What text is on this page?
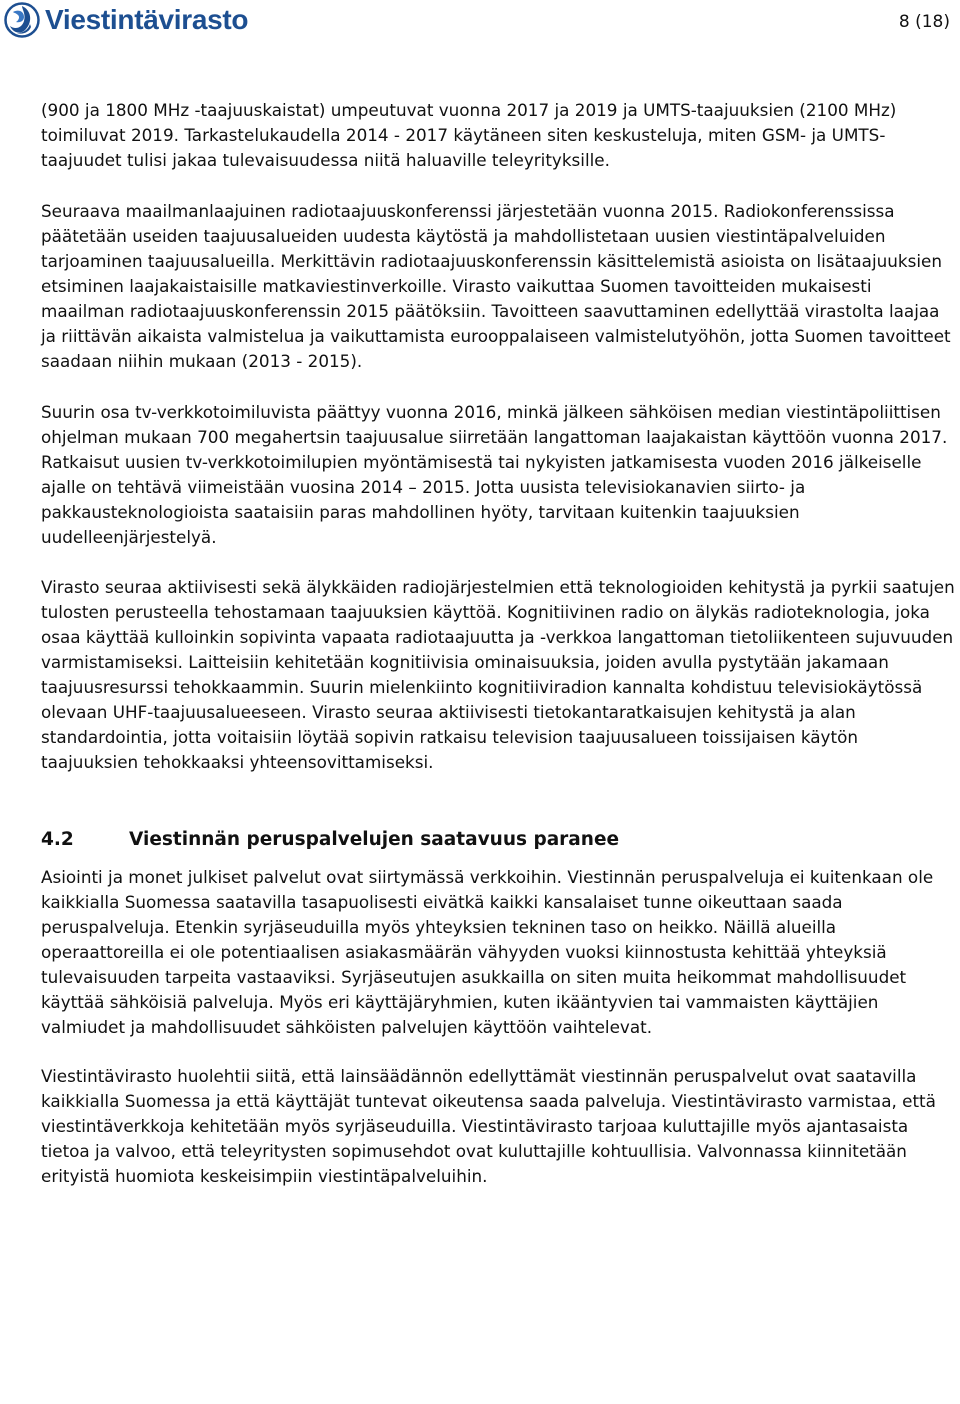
Viestintävirasto	8 (18)

(900 ja 1800 MHz -taajuuskaistat) umpeutuvat vuonna 2017 ja 2019 ja UMTS-taajuuksien (2100 MHz) toimiluvat 2019. Tarkastelukaudella 2014 - 2017 käytäneen siten keskusteluja, miten GSM- ja UMTS-taajuudet tulisi jakaa tulevaisuudessa niitä haluaville teleyrityksille.

Seuraava maailmanlaajuinen radiotaajuuskonferenssi järjestetään vuonna 2015. Radiokonferenssissa päätetään useiden taajuusalueiden uudesta käytöstä ja mahdollistetaan uusien viestintäpalveluiden tarjoaminen taajuusalueilla. Merkittävin radiotaajuuskonferenssin käsittelemistä asioista on lisätaajuuksien etsiminen laajakaistaisille matkaviestinverkoille. Virasto vaikuttaa Suomen tavoitteiden mukaisesti maailman radiotaajuuskonferenssin 2015 päätöksiin. Tavoitteen saavuttaminen edellyttää virastolta laajaa ja riittävän aikaista valmistelua ja vaikuttamista eurooppalaiseen valmistelutyöhön, jotta Suomen tavoitteet saadaan niihin mukaan (2013 - 2015).

Suurin osa tv-verkkotoimiluvista päättyy vuonna 2016, minkä jälkeen sähköisen median viestintäpoliittisen ohjelman mukaan 700 megahertsin taajuusalue siirretään langattoman laajakaistan käyttöön vuonna 2017. Ratkaisut uusien tv-verkkotoimilupien myöntämisestä tai nykyisten jatkamisesta vuoden 2016 jälkeiselle ajalle on tehtävä viimeistään vuosina 2014 – 2015. Jotta uusista televisiokanavien siirto- ja pakkausteknologioista saataisiin paras mahdollinen hyöty, tarvitaan kuitenkin taajuuksien uudelleenjärjestelyä.

Virasto seuraa aktiivisesti sekä älykkäiden radiojärjestelmien että teknologioiden kehitystä ja pyrkii saatujen tulosten perusteella tehostamaan taajuuksien käyttöä. Kognitiivinen radio on älykäs radioteknologia, joka osaa käyttää kulloinkin sopivinta vapaata radiotaajuutta ja -verkkoa langattoman tietoliikenteen sujuvuuden varmistamiseksi. Laitteisiin kehitetään kognitiivisia ominaisuuksia, joiden avulla pystytään jakamaan taajuusresurssi tehokkaammin. Suurin mielenkiinto kognitiiviradion kannalta kohdistuu televisiokäytössä olevaan UHF-taajuusalueeseen. Virasto seuraa aktiivisesti tietokantaratkaisujen kehitystä ja alan standardointia, jotta voitaisiin löytää sopivin ratkaisu television taajuusalueen toissijaisen käytön taajuuksien tehokkaaksi yhteensovittamiseksi.

4.2	Viestinnän peruspalvelujen saatavuus paranee

Asiointi ja monet julkiset palvelut ovat siirtymässä verkkoihin. Viestinnän peruspalveluja ei kuitenkaan ole kaikkialla Suomessa saatavilla tasapuolisesti eivätkä kaikki kansalaiset tunne oikeuttaan saada peruspalveluja. Etenkin syrjäseuduilla myös yhteyksien tekninen taso on heikko. Näillä alueilla operaattoreilla ei ole potentiaalisen asiakasmäärän vähyyden vuoksi kiinnostusta kehittää yhteyksiä tulevaisuuden tarpeita vastaaviksi. Syrjäseutujen asukkailla on siten muita heikommat mahdollisuudet käyttää sähköisiä palveluja. Myös eri käyttäjäryhmien, kuten ikääntyvien tai vammaisten käyttäjien valmiudet ja mahdollisuudet sähköisten palvelujen käyttöön vaihtelevat.

Viestintävirasto huolehtii siitä, että lainsäädännön edellyttämät viestinnän peruspalvelut ovat saatavilla kaikkialla Suomessa ja että käyttäjät tuntevat oikeutensa saada palveluja. Viestintävirasto varmistaa, että viestintäverkkoja kehitetään myös syrjäseuduilla. Viestintävirasto tarjoaa kuluttajille myös ajantasaista tietoa ja valvoo, että teleyritysten sopimusehdot ovat kuluttajille kohtuullisia. Valvonnassa kiinnitetään erityistä huomiota keskeisimpiin viestintäpalveluihin.
